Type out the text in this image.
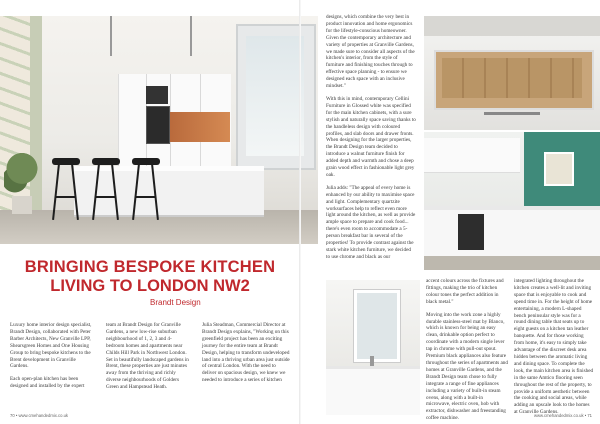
BRINGING BESPOKE KITCHEN
LIVING TO LONDON NW2
Brandt Design

Luxury home interior design specialist, Brandt Design, collaborated with Peter Barber Architects, New Granville LPP, Shearsgreen Homes and One Housing Group to bring bespoke kitchens to the Brent development in Granville Gardens.

Each open-plan kitchen has been designed and installed by the expert

team at Brandt Design for Granville Gardens, a new low-rise suburban neighbourhood of 1, 2, 3 and 4-bedroom homes and apartments near Childs Hill Park in Northwest London. Set in beautifully landscaped gardens in Brent, these properties are just minutes away from the thriving and richly diverse neighbourhoods of Golders Green and Hampstead Heath.

Julia Steadman, Commercial Director at Brandt Design explains, "Working on this greenfield project has been an exciting journey for the entire team at Brandt Design, helping to transform undeveloped land into a thriving urban area just outside of central London. With the need to deliver on spacious design, we knew we needed to introduce a series of kitchen

70 • www.cmehandedmix.co.uk

designs, which combine the very best in product innovation and home ergonomics for the lifestyle-conscious homeowner. Given the contemporary architecture and variety of properties at Granville Gardens, we made sure to consider all aspects of the kitchen's interior, from the style of furniture and finishing touches through to effective space planning - to ensure we designed each space with an inclusive mindset."

With this in mind, contemporary Cellini Furniture in Glossed white was specified for the main kitchen cabinets, with a sure stylish and naturally space saving thanks to the handleless design with coloured profiles, and slab doors and drawer fronts. When designing for the larger properties, the Brandt Design team decided to introduce a walnut furniture finish for added depth and warmth and chose a deep grain wood effect in fashionable light grey oak.

Julia adds: "The appeal of every home is enhanced by our ability to maximise space and light. Complementary quartzite worksurfaces help to reflect even more light around the kitchen, as well as provide ample space to prepare and cook food... there's even room to accommodate a 5-person breakfast bar in several of the properties! To provide contrast against the stark white kitchen furniture, we decided to use chrome and black as our

accent colours across the fixtures and fittings, making the trio of kitchen colour tones the perfect addition in black metal."

Moving into the work zone a highly durable stainless-steel mat by Blanco, which is known for being an easy clean, drinkable option perfect to coordinate with a modern single lever tap in chrome with pull-out spout. Premium black appliances also feature throughout the series of apartments and homes at Granville Gardens, and the Brandt Design team chose to fully integrate a range of fine appliances including a variety of built-in steam ovens, along with a built-in microwave, electric oven, hob with extractor, dishwasher and freestanding coffee machine.

integrated lighting throughout the kitchen creates a well-lit and inviting space that is enjoyable to cook and spend time in. For the height of home entertaining, a modern L-shaped bench peninsular style was for a round dining table that seats up to eight guests on a kitchen tan leather banquette. And for those working from home, it's easy to simply take advantage of the discreet desk area hidden between the aromatic living and dining space. To complete the look, the main kitchen area is finished in the same Amtico flooring seen throughout the rest of the property, to provide a uniform aesthetic between the cooking and social areas, while adding an upscale look to the homes at Granville Gardens.

www.cmehandedmix.co.uk • 71
